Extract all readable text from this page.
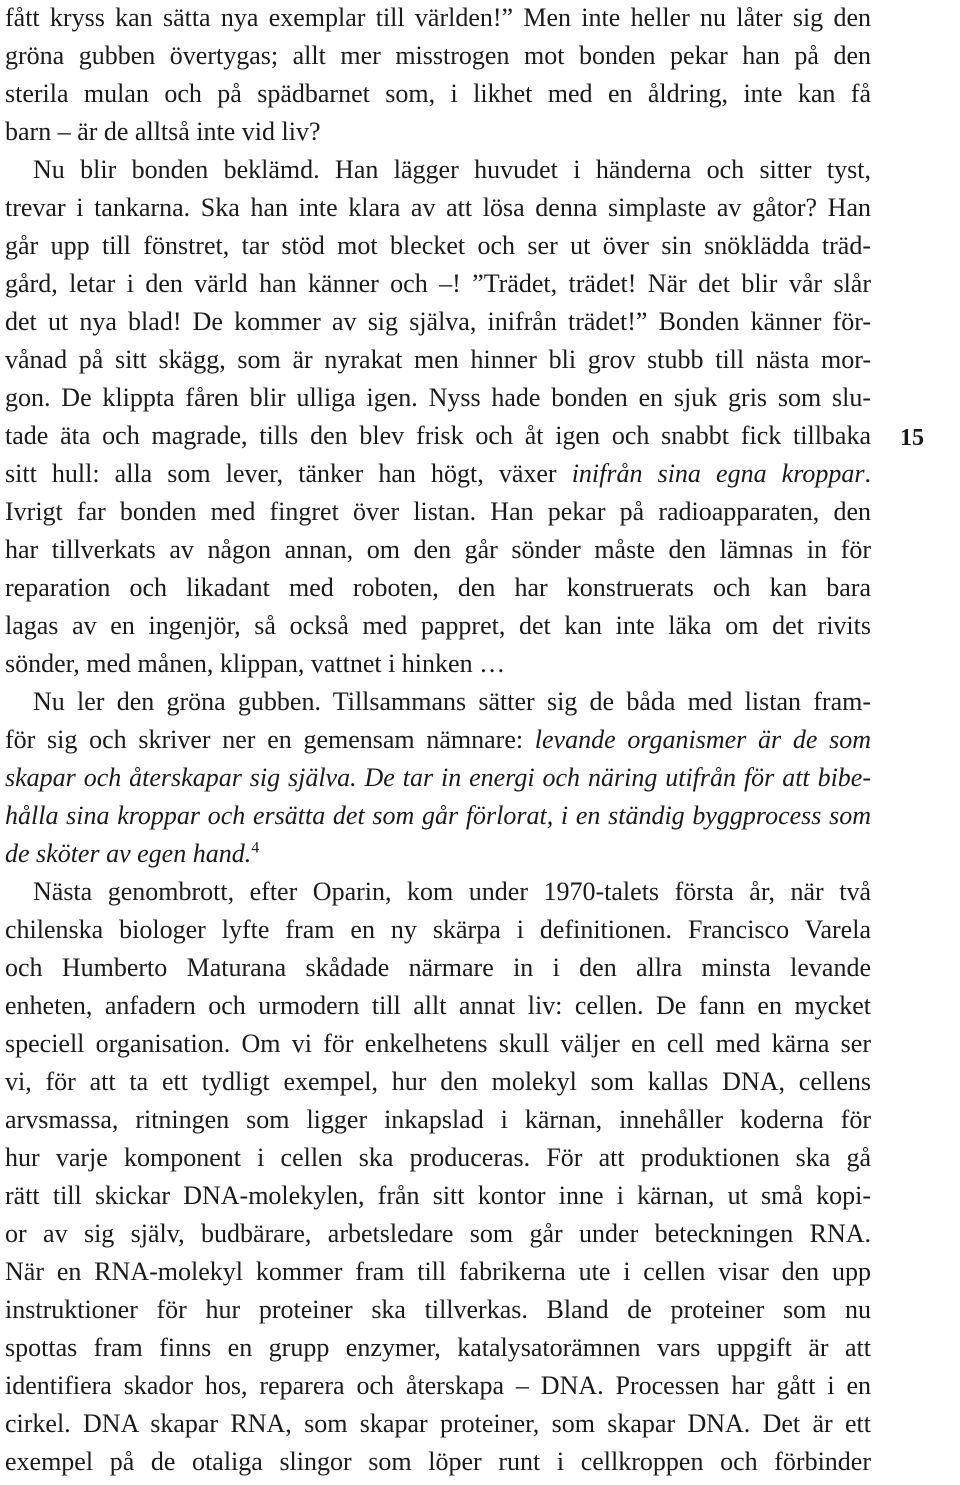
fått kryss kan sätta nya exemplar till världen!” Men inte heller nu låter sig den
gröna gubben övertygas; allt mer misstrogen mot bonden pekar han på den
sterila mulan och på spädbarnet som, i likhet med en åldring, inte kan få
barn – är de alltså inte vid liv?
Nu blir bonden beklämd. Han lägger huvudet i händerna och sitter tyst,
trevar i tankarna. Ska han inte klara av att lösa denna simplaste av gåtor? Han
går upp till fönstret, tar stöd mot blecket och ser ut över sin snöklädda träd-
gård, letar i den värld han känner och –! ”Trädet, trädet! När det blir vår slår
det ut nya blad! De kommer av sig själva, inifrån trädet!” Bonden känner för-
vånad på sitt skägg, som är nyrakat men hinner bli grov stubb till nästa mor-
gon. De klippta fåren blir ulliga igen. Nyss hade bonden en sjuk gris som slu-
tade äta och magrade, tills den blev frisk och åt igen och snabbt fick tillbaka
sitt hull: alla som lever, tänker han högt, växer inifrån sina egna kroppar.
Ivrigt far bonden med fingret över listan. Han pekar på radioapparaten, den
har tillverkats av någon annan, om den går sönder måste den lämnas in för
reparation och likadant med roboten, den har konstruerats och kan bara
lagas av en ingenjör, så också med pappret, det kan inte läka om det rivits
sönder, med månen, klippan, vattnet i hinken …
Nu ler den gröna gubben. Tillsammans sätter sig de båda med listan fram-
för sig och skriver ner en gemensam nämnare: levande organismer är de som
skapar och återskapar sig själva. De tar in energi och näring utifrån för att bibe-
hålla sina kroppar och ersätta det som går förlorat, i en ständig byggprocess som
de sköter av egen hand.$^4$
Nästa genombrott, efter Oparin, kom under 1970-talets första år, när två
chilenska biologer lyfte fram en ny skärpa i definitionen. Francisco Varela
och Humberto Maturana skådade närmare in i den allra minsta levande
enheten, anfadern och urmodern till allt annat liv: cellen. De fann en mycket
speciell organisation. Om vi för enkelhetens skull väljer en cell med kärna ser
vi, för att ta ett tydligt exempel, hur den molekyl som kallas DNA, cellens
arvsmassa, ritningen som ligger inkapslad i kärnan, innehåller koderna för
hur varje komponent i cellen ska produceras. För att produktionen ska gå
rätt till skickar DNA-molekylen, från sitt kontor inne i kärnan, ut små kopi-
or av sig själv, budbärare, arbetsledare som går under beteckningen RNA.
När en RNA-molekyl kommer fram till fabrikerna ute i cellen visar den upp
instruktioner för hur proteiner ska tillverkas. Bland de proteiner som nu
spottas fram finns en grupp enzymer, katalysatorämnen vars uppgift är att
identifiera skador hos, reparera och återskapa – DNA. Processen har gått i en
cirkel. DNA skapar RNA, som skapar proteiner, som skapar DNA. Det är ett
exempel på de otaliga slingor som löper runt i cellkroppen och förbinder
15
